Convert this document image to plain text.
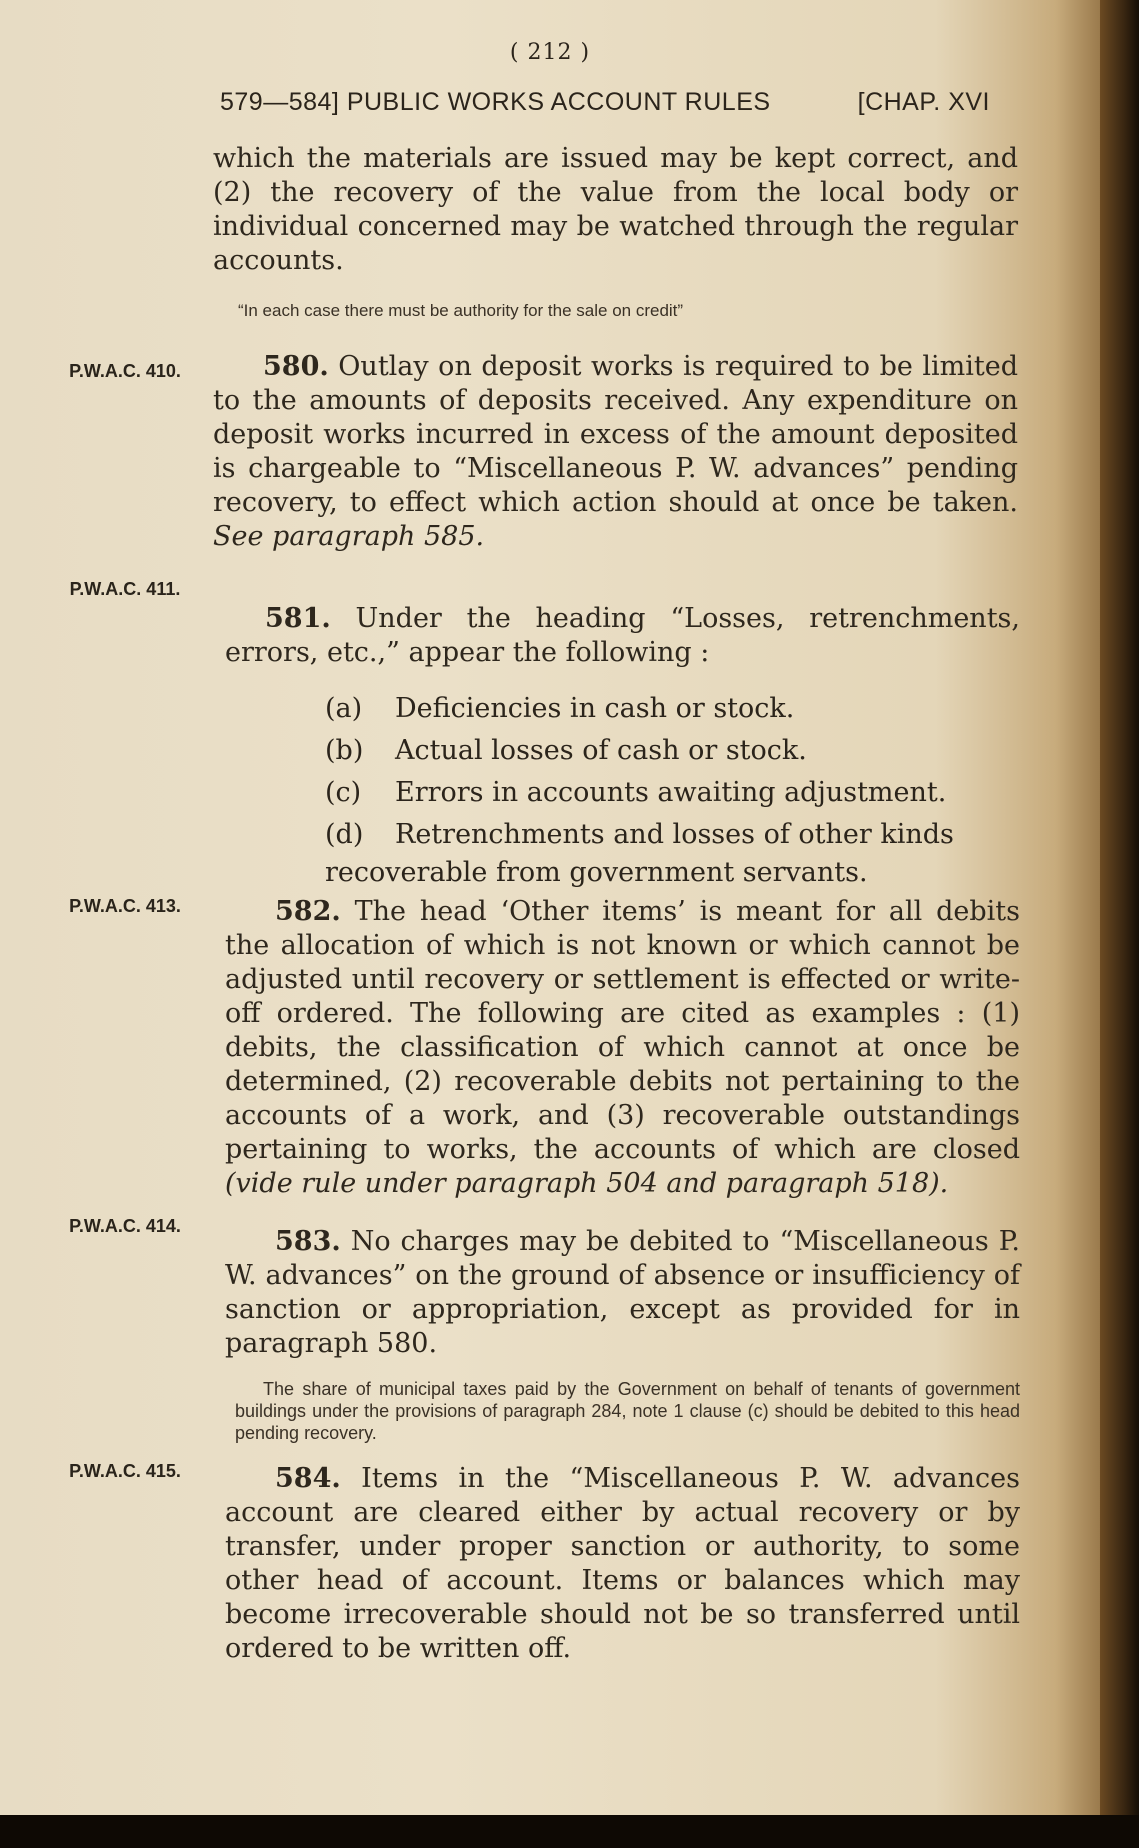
( 212 )
579—584] PUBLIC WORKS ACCOUNT RULES	[CHAP. XVI
which the materials are issued may be kept correct, and (2) the recovery of the value from the local body or individual concerned may be watched through the regular accounts.
“In each case there must be authority for the sale on credit”
P.W.A.C. 410.
P.W.A.C. 411.
P.W.A.C. 413.
P.W.A.C. 414.
P.W.A.C. 415.
580. Outlay on deposit works is required to be limited to the amounts of deposits received. Any expenditure on deposit works incurred in excess of the amount deposited is chargeable to “Miscellaneous P. W. advances” pending recovery, to effect which action should at once be taken. See paragraph 585.
581. Under the heading “Losses, retrenchments, errors, etc.,” appear the following :
(a)	Deficiencies in cash or stock.
(b)	Actual losses of cash or stock.
(c)	Errors in accounts awaiting adjustment.
(d)	Retrenchments and losses of other kinds
recoverable from government servants.
582. The head ‘Other items’ is meant for all debits the allocation of which is not known or which cannot be adjusted until recovery or settlement is effected or write-off ordered. The following are cited as examples : (1) debits, the classification of which cannot at once be determined, (2) recoverable debits not pertaining to the accounts of a work, and (3) recoverable outstandings pertaining to works, the accounts of which are closed (vide rule under paragraph 504 and paragraph 518).
583. No charges may be debited to “Miscellaneous P. W. advances” on the ground of absence or insufficiency of sanction or appropriation, except as provided for in paragraph 580.
The share of municipal taxes paid by the Government on behalf of tenants of government buildings under the provisions of paragraph 284, note 1 clause (c) should be debited to this head pending recovery.
584. Items in the “Miscellaneous P. W. advances account are cleared either by actual recovery or by transfer, under proper sanction or authority, to some other head of account. Items or balances which may become irrecoverable should not be so transferred until ordered to be written off.
